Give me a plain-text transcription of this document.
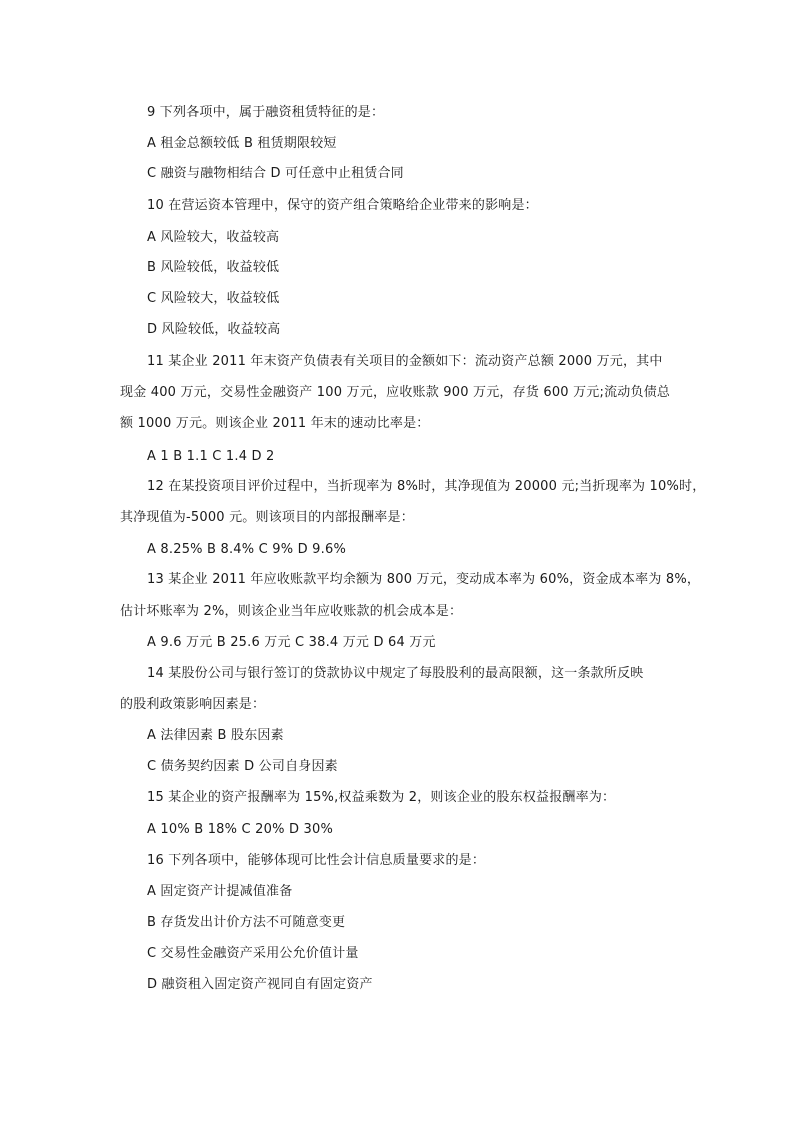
9 下列各项中，属于融资租赁特征的是：
A 租金总额较低 B 租赁期限较短
C 融资与融物相结合 D 可任意中止租赁合同
10 在营运资本管理中，保守的资产组合策略给企业带来的影响是：
A 风险较大，收益较高
B 风险较低，收益较低
C 风险较大，收益较低
D 风险较低，收益较高
11 某企业 2011 年末资产负债表有关项目的金额如下：流动资产总额 2000 万元，其中
现金 400 万元，交易性金融资产 100 万元，应收账款 900 万元，存货 600 万元;流动负债总
额 1000 万元。则该企业 2011 年末的速动比率是：
A 1 B 1.1 C 1.4 D 2
12 在某投资项目评价过程中，当折现率为 8%时，其净现值为 20000 元;当折现率为 10%时，
其净现值为-5000 元。则该项目的内部报酬率是：
A 8.25% B 8.4% C 9% D 9.6%
13 某企业 2011 年应收账款平均余额为 800 万元，变动成本率为 60%，资金成本率为 8%，
估计坏账率为 2%，则该企业当年应收账款的机会成本是：
A 9.6 万元 B 25.6 万元 C 38.4 万元 D 64 万元
14 某股份公司与银行签订的贷款协议中规定了每股股利的最高限额，这一条款所反映
的股利政策影响因素是：
A 法律因素 B 股东因素
C 债务契约因素 D 公司自身因素
15 某企业的资产报酬率为 15%,权益乘数为 2，则该企业的股东权益报酬率为：
A 10% B 18% C 20% D 30%
16 下列各项中，能够体现可比性会计信息质量要求的是：
A 固定资产计提减值准备
B 存货发出计价方法不可随意变更
C 交易性金融资产采用公允价值计量
D 融资租入固定资产视同自有固定资产
